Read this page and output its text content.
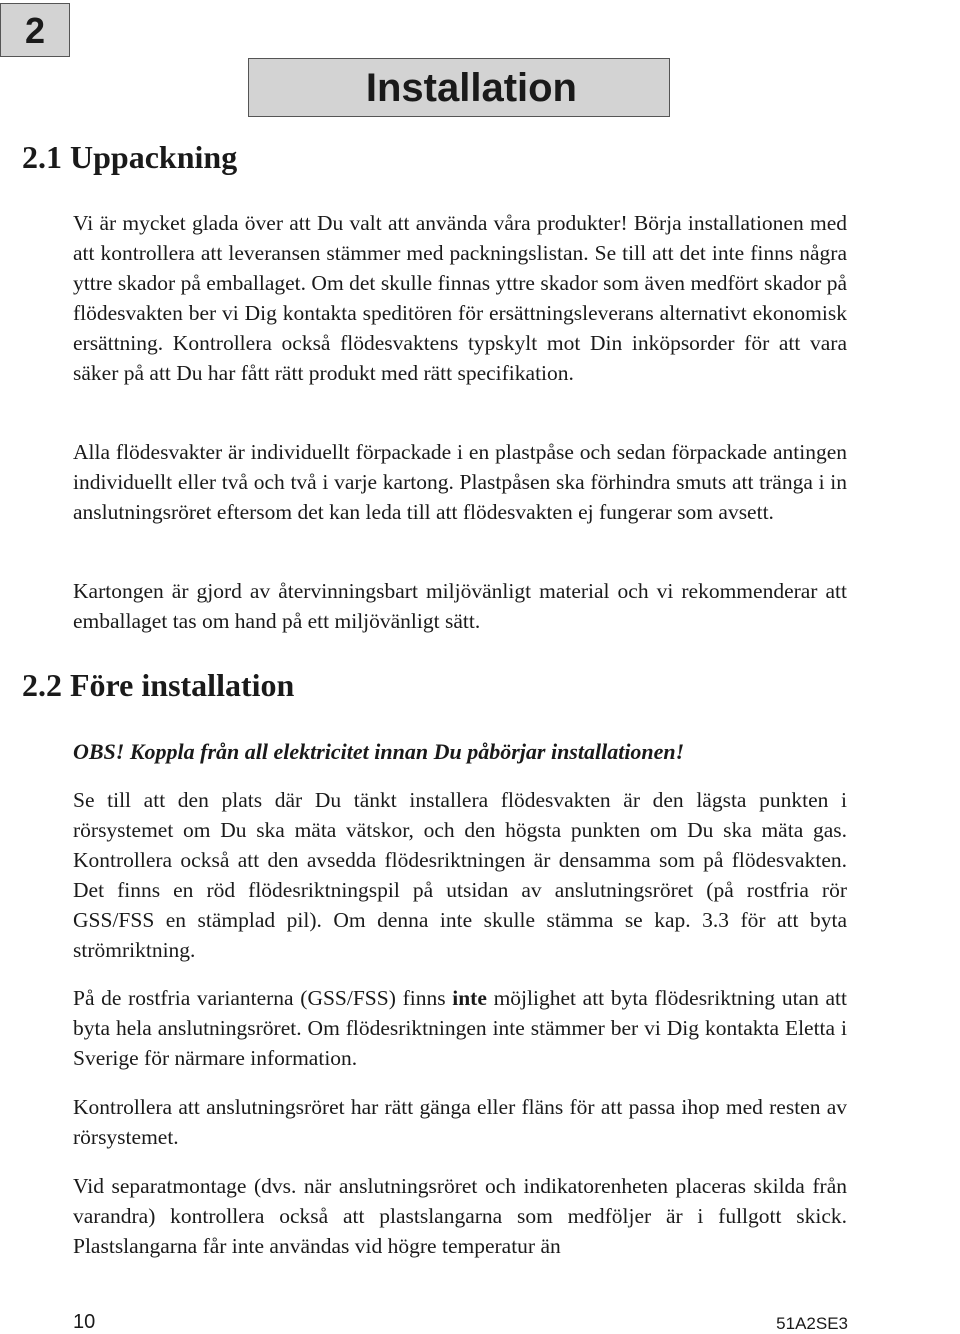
2
Installation
2.1 Uppackning

Vi är mycket glada över att Du valt att använda våra produkter! Börja installationen med att kontrollera att leveransen stämmer med packningslistan. Se till att det inte finns några yttre skador på emballaget. Om det skulle finnas yttre skador som även medfört skador på flödesvakten ber vi Dig kontakta speditören för ersättningsleverans alternativt ekonomisk ersättning. Kontrollera också flödesvaktens typskylt mot Din inköpsorder för att vara säker på att Du har fått rätt produkt med rätt specifikation.

Alla flödesvakter är individuellt förpackade i en plastpåse och sedan förpackade antingen individuellt eller två och två i varje kartong. Plastpåsen ska förhindra smuts att tränga i in anslutningsröret eftersom det kan leda till att flödesvakten ej fungerar som avsett.

Kartongen är gjord av återvinningsbart miljövänligt material och vi rekommenderar att emballaget tas om hand på ett miljövänligt sätt.

2.2 Före installation

OBS! Koppla från all elektricitet innan Du påbörjar installationen!

Se till att den plats där Du tänkt installera flödesvakten är den lägsta punkten i rörsystemet om Du ska mäta vätskor, och den högsta punkten om Du ska mäta gas. Kontrollera också att den avsedda flödesriktningen är densamma som på flödesvakten. Det finns en röd flödesriktningspil på utsidan av anslutningsröret (på rostfria rör GSS/FSS en stämplad pil). Om denna inte skulle stämma se kap. 3.3 för att byta strömriktning.

På de rostfria varianterna (GSS/FSS) finns inte möjlighet att byta flödesriktning utan att byta hela anslutningsröret. Om flödesriktningen inte stämmer ber vi Dig kontakta Eletta i Sverige för närmare information.

Kontrollera att anslutningsröret har rätt gänga eller fläns för att passa ihop med resten av rörsystemet.

Vid separatmontage (dvs. när anslutningsröret och indikatorenheten placeras skilda från varandra) kontrollera också att plastslangarna som medföljer är i fullgott skick. Plastslangarna får inte användas vid högre temperatur än

10	51A2SE3
